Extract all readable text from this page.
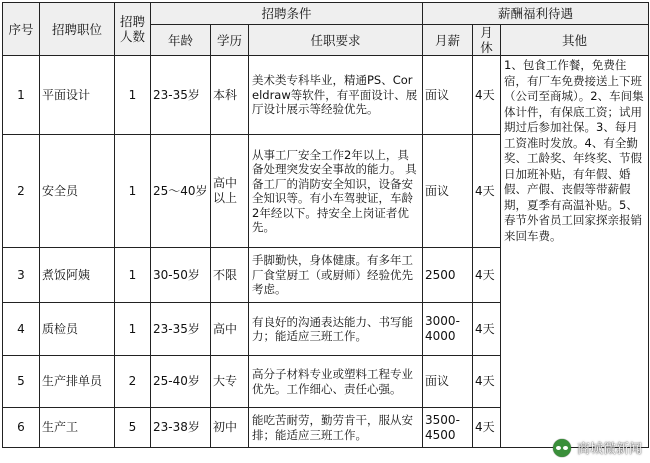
序号	招聘职位	招聘人数	招聘条件			薪酬福利待遇		
			年龄	学历	任职要求	月薪	月休	其他
1	平面设计	1	23-35岁	本科	美术类专科毕业，精通PS、Coreldraw等软件，有平面设计、展厅设计展示等经验优先。	面议	4天	1、包食工作餐，免费住宿，有厂车免费接送上下班（公司至商城）。2、车间集体计件，有保底工资；试用期过后参加社保。3、每月工资准时发放。4、有全勤奖、工龄奖、年终奖、节假日加班补贴，有年假、婚假、产假、丧假等带薪假期，夏季有高温补贴。5、春节外省员工回家探亲报销来回车费。
2	安全员	1	25～40岁	高中以上	从事工厂安全工作2年以上，具备处理突发安全事故的能力。 具备工厂的消防安全知识，设备安全知识等。有小车驾驶证，车龄2年经以下。持安全上岗证者优先。	面议	4天	
3	煮饭阿姨	1	30-50岁	不限	手脚勤快，身体健康。有多年工厂食堂厨工（或厨师）经验优先考虑。	2500	4天	
4	质检员	1	23-35岁	高中	有良好的沟通表达能力、书写能力；能适应三班工作。	3000-4000	4天	
5	生产排单员	2	25-40岁	大专	高分子材料专业或塑料工程专业优先。工作细心、责任心强。	面议	4天	
6	生产工	5	23-38岁	初中	能吃苦耐劳，勤劳肯干，服从安排；能适应三班工作。	3500-4500	4天	
商城微新闻
